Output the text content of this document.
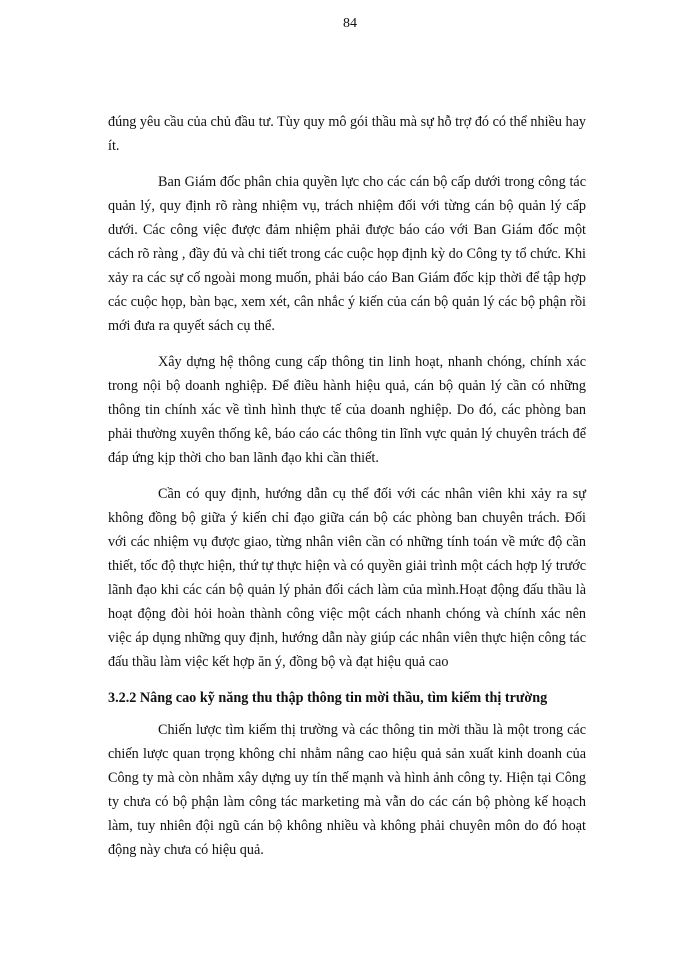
84

đúng yêu cầu của chủ đầu tư. Tùy quy mô gói thầu mà sự hỗ trợ đó có thể nhiều hay ít.

Ban Giám đốc phân chia quyền lực cho các cán bộ cấp dưới trong công tác quản lý, quy định rõ ràng nhiệm vụ, trách nhiệm đối với từng cán bộ quản lý cấp dưới. Các công việc được đảm nhiệm phải được báo cáo với Ban Giám đốc một cách rõ ràng , đầy đủ và chi tiết trong các cuộc họp định kỳ do Công ty tổ chức. Khi xảy ra các sự cố ngoài mong muốn, phải báo cáo Ban Giám đốc kịp thời để tập hợp các cuộc họp, bàn bạc, xem xét, cân nhắc ý kiến của cán bộ quản lý các bộ phận rồi mới đưa ra quyết sách cụ thể.

Xây dựng hệ thông cung cấp thông tin linh hoạt, nhanh chóng, chính xác trong nội bộ doanh nghiệp. Để điều hành hiệu quả, cán bộ quản lý cần có những thông tin chính xác về tình hình thực tế của doanh nghiệp. Do đó, các phòng ban phải thường xuyên thống kê, báo cáo các thông tin lĩnh vực quản lý chuyên trách để đáp ứng kịp thời cho ban lãnh đạo khi cần thiết.

Cần có quy định, hướng dẫn cụ thể đối với các nhân viên khi xảy ra sự không đồng bộ giữa ý kiến chỉ đạo giữa cán bộ các phòng ban chuyên trách. Đối với các nhiệm vụ được giao, từng nhân viên cần có những tính toán về mức độ cần thiết, tốc độ thực hiện, thứ tự thực hiện và có quyền giải trình một cách hợp lý trước lãnh đạo khi các cán bộ quản lý phản đối cách làm của mình.Hoạt động đấu thầu là hoạt động đòi hỏi hoàn thành công việc một cách nhanh chóng và chính xác nên việc áp dụng những quy định, hướng dẫn này giúp các nhân viên thực hiện công tác đấu thầu làm việc kết hợp ăn ý, đồng bộ và đạt hiệu quả cao

3.2.2 Nâng cao kỹ năng thu thập thông tin mời thầu, tìm kiếm thị trường

Chiến lược tìm kiếm thị trường và các thông tin mời thầu là một trong các chiến lược quan trọng không chỉ nhằm nâng cao hiệu quả sản xuất kinh doanh của Công ty mà còn nhằm xây dựng uy tín thế mạnh và hình ảnh công ty. Hiện tại Công ty chưa có bộ phận làm công tác marketing mà vẫn do các cán bộ phòng kế hoạch làm, tuy nhiên đội ngũ cán bộ không nhiều và không phải chuyên môn do đó hoạt động này chưa có hiệu quả.
